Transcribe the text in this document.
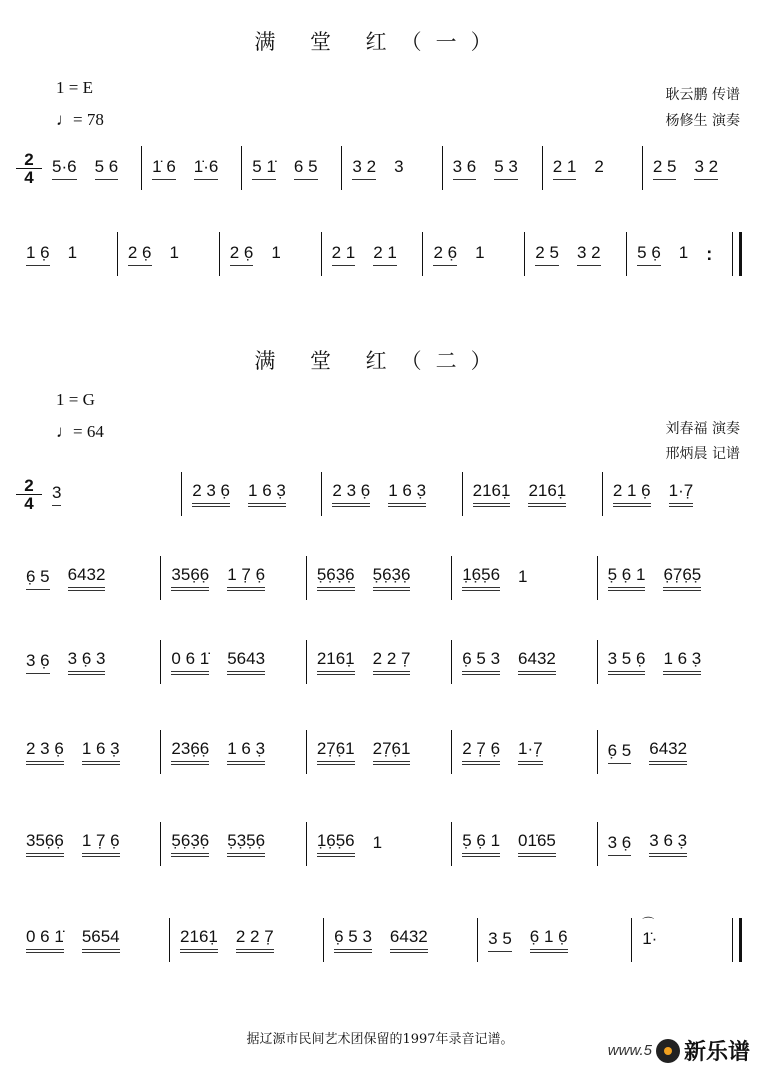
满 堂 红（一）
1 = E
♩= 78
耿云鹏 传谱
杨修生 演奏
2
4
5·6 5 6 1̇ 6 1̇·6 5 1̇ 6 5 3 2 3	3 6 5 3 2 1 2	2 5 3 2
1 6̣ 1	2 6̣ 1	2 6̣ 1	2 1 2 1 2 6̣ 1	2 5 3 2 5 6̣ 1 :
满 堂 红（二）
1 = G
♩= 64	刘春福 演奏
邢炳晨 记谱
2
4
3	2 3 6̣ 1 6 3̣	2 3 6̣ 1 6 3̣	2161̣ 2161̣	2 1 6̣ 1·7̣
6̣ 5 6432	356̣6̣ 1 7̣ 6̣	5̣6̣3̣6̣ 5̣6̣3̣6̣	1̣6̣5̣6 1	5̣ 6̣ 1 6̣7̣6̣5̣
3 6̣ 3 6̣ 3	0 6 1̇ 5643	2161̣ 2 2 7̣	6̣ 5 3 6432	3 5 6̣ 1 6 3̣
2 3 6̣ 1 6 3̣	236̣6̣ 1 6 3̣	27̣6̣1 27̣6̣1	2 7̣ 6̣ 1·7̣	6̣ 5 6432
356̣6̣ 1 7̣ 6̣	5̣6̣3̣6̣ 5̣3̣5̣6̣	1̣6̣5̣6 1	5̣ 6̣ 1 01̇65	3 6̣ 3 6 3̣
0 6 1̇ 5654	2161̣ 2 2 7̣	6̣ 5 3 6432	3 5 6̣ 1 6̣	⌒ 1̇·
据辽源市民间艺术团保留的1997年录音记谱。
www.5 新乐谱
